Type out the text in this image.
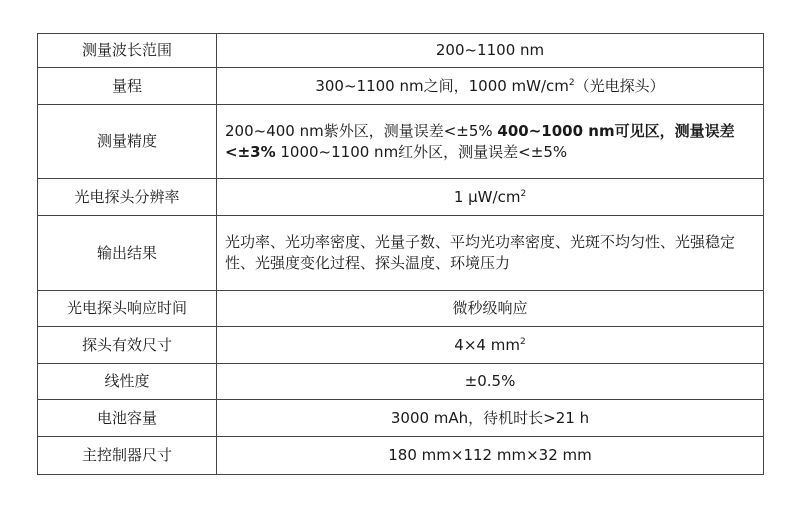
测量波长范围	200~1100 nm
量程	300~1100 nm之间，1000 $mW/cm^2$（光电探头）
测量精度	200~400 nm紫外区，测量误差<±5% 400~1000 nm可见区，测量误差<±3% 1000~1100 nm红外区，测量误差<±5%
光电探头分辨率	1 $\mu W/cm^2$
输出结果	光功率、光功率密度、光量子数、平均光功率密度、光斑不均匀性、光强稳定性、光强度变化过程、探头温度、环境压力
光电探头响应时间	微秒级响应
探头有效尺寸	4×4 $mm^2$
线性度	±0.5%
电池容量	3000 mAh，待机时长>21 h
主控制器尺寸	180 mm×112 mm×32 mm
